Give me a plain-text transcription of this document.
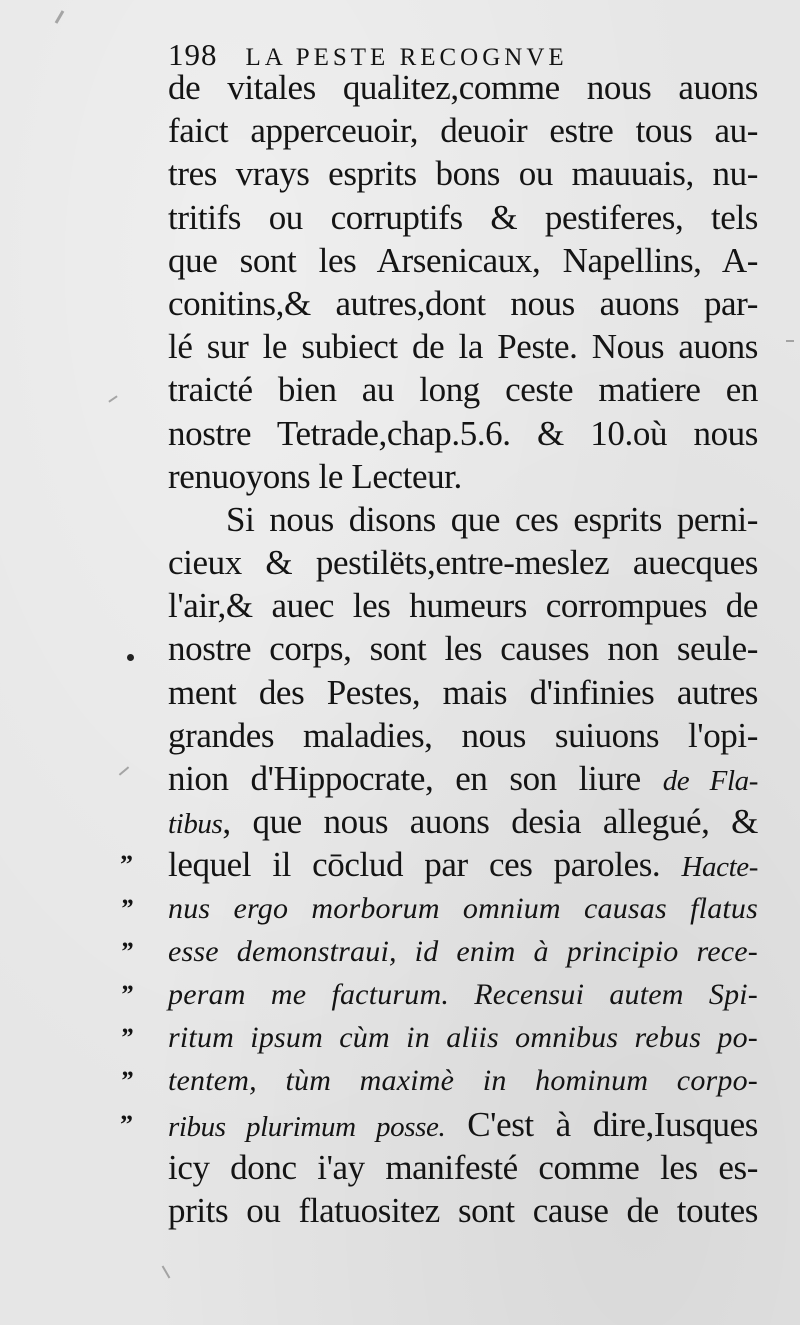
198 LA PESTE RECOGNVE
de vitales qualitez,comme nous auons
faict apperceuoir, deuoir estre tous au-
tres vrays esprits bons ou mauuais, nu-
tritifs ou corruptifs & pestiferes, tels
que sont les Arsenicaux, Napellins, A-
conitins,& autres,dont nous auons par-
lé sur le subiect de la Peste. Nous auons
traicté bien au long ceste matiere en
nostre Tetrade,chap.5.6. & 10.où nous
renuoyons le Lecteur.
Si nous disons que ces esprits perni-
cieux & pestilëts,entre-meslez auecques
l'air,& auec les humeurs corrompues de
nostre corps, sont les causes non seule-
ment des Pestes, mais d'infinies autres
grandes maladies, nous suiuons l'opi-
nion d'Hippocrate, en son liure de Fla-
tibus, que nous auons desia allegué, &
” lequel il cōclud par ces paroles. Hacte-
” nus ergo morborum omnium causas flatus
” esse demonstraui, id enim à principio rece-
” peram me facturum. Recensui autem Spi-
” ritum ipsum cùm in aliis omnibus rebus po-
” tentem, tùm maximè in hominum corpo-
” ribus plurimum posse. C'est à dire,Iusques
icy donc i'ay manifesté comme les es-
prits ou flatuositez sont cause de toutes
